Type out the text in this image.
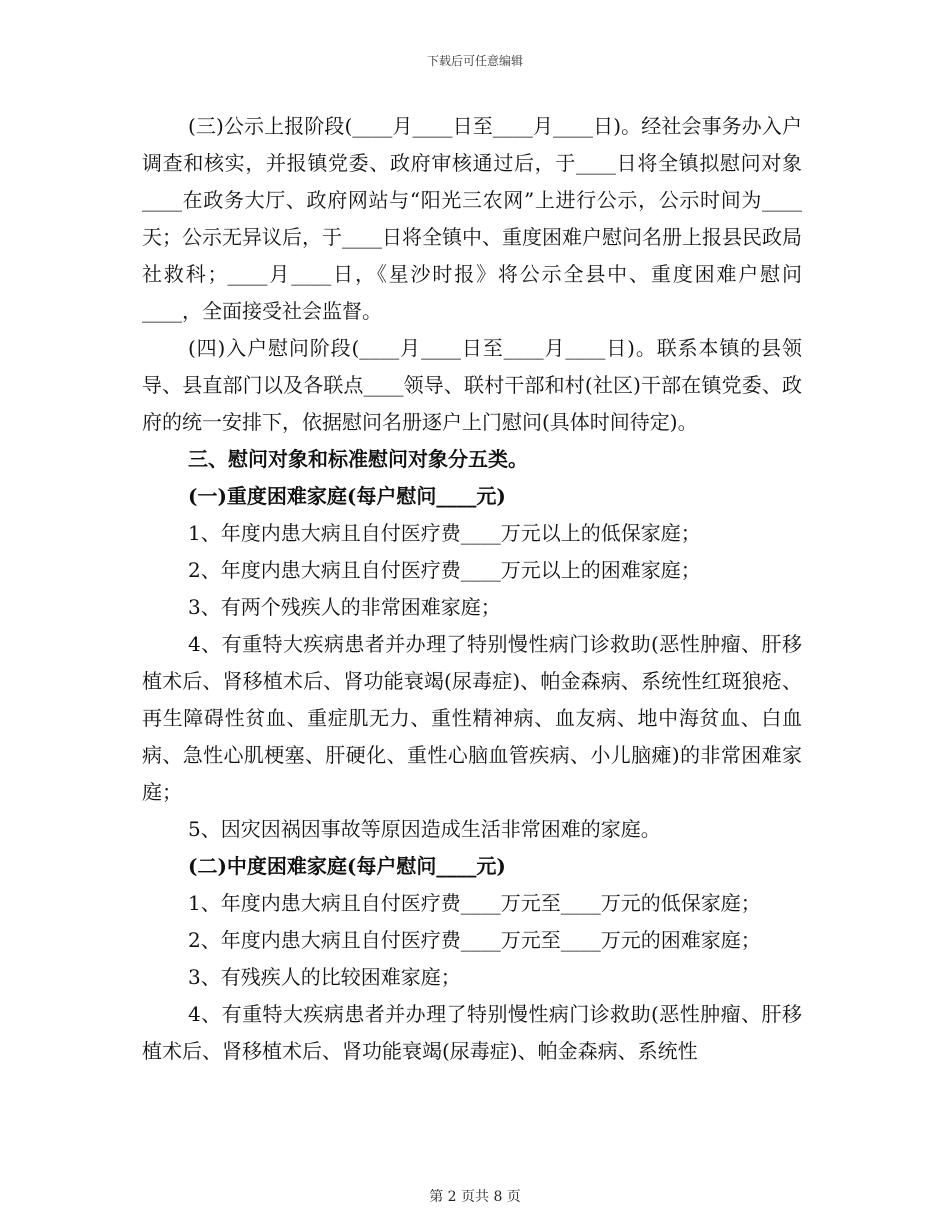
下载后可任意编辑

(三)公示上报阶段(____月____日至____月____日)。经社会事务办入户调查和核实，并报镇党委、政府审核通过后，于____日将全镇拟慰问对象____在政务大厅、政府网站与“阳光三农网”上进行公示，公示时间为____天；公示无异议后，于____日将全镇中、重度困难户慰问名册上报县民政局社救科；____月____日，《星沙时报》将公示全县中、重度困难户慰问____，全面接受社会监督。

(四)入户慰问阶段(____月____日至____月____日)。联系本镇的县领导、县直部门以及各联点____领导、联村干部和村(社区)干部在镇党委、政府的统一安排下，依据慰问名册逐户上门慰问(具体时间待定)。

三、慰问对象和标准慰问对象分五类。

(一)重度困难家庭(每户慰问____元)

1、年度内患大病且自付医疗费____万元以上的低保家庭；

2、年度内患大病且自付医疗费____万元以上的困难家庭；

3、有两个残疾人的非常困难家庭；

4、有重特大疾病患者并办理了特别慢性病门诊救助(恶性肿瘤、肝移植术后、肾移植术后、肾功能衰竭(尿毒症)、帕金森病、系统性红斑狼疮、再生障碍性贫血、重症肌无力、重性精神病、血友病、地中海贫血、白血病、急性心肌梗塞、肝硬化、重性心脑血管疾病、小儿脑瘫)的非常困难家庭；

5、因灾因祸因事故等原因造成生活非常困难的家庭。

(二)中度困难家庭(每户慰问____元)

1、年度内患大病且自付医疗费____万元至____万元的低保家庭；

2、年度内患大病且自付医疗费____万元至____万元的困难家庭；

3、有残疾人的比较困难家庭；

4、有重特大疾病患者并办理了特别慢性病门诊救助(恶性肿瘤、肝移植术后、肾移植术后、肾功能衰竭(尿毒症)、帕金森病、系统性

第 2 页共 8 页
